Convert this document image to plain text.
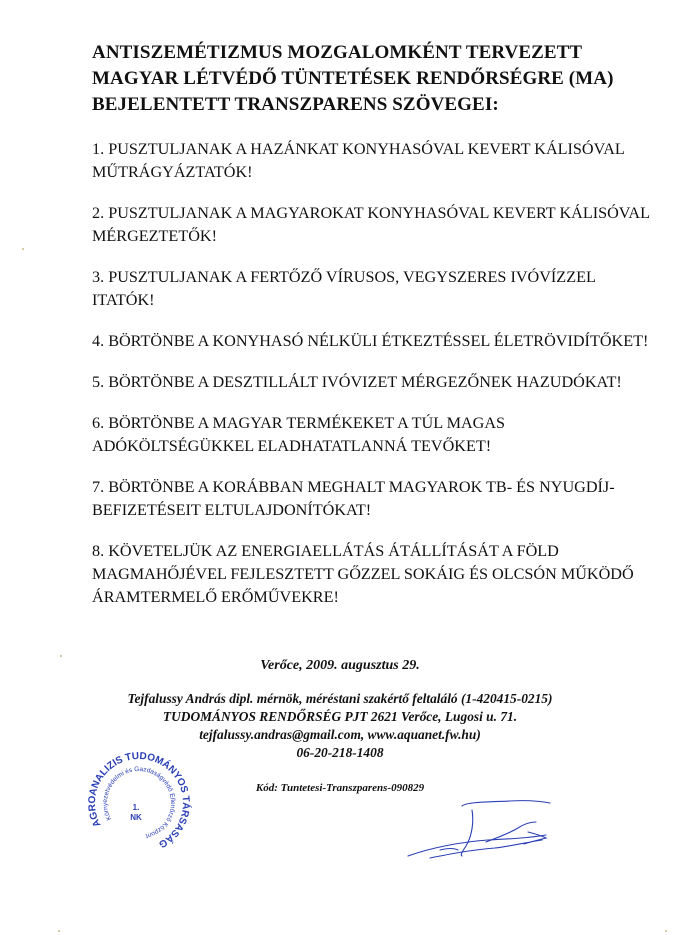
ANTISZEMÉTIZMUS MOZGALOMKÉNT TERVEZETT MAGYAR LÉTVÉDŐ TÜNTETÉSEK RENDŐRSÉGRE (MA) BEJELENTETT TRANSZPARENS SZÖVEGEI:

1. PUSZTULJANAK A HAZÁNKAT KONYHASÓVAL KEVERT KÁLISÓVAL MŰTRÁGYÁZTATÓK!

2. PUSZTULJANAK A MAGYAROKAT KONYHASÓVAL KEVERT KÁLISÓVAL MÉRGEZTETŐK!

3. PUSZTULJANAK A FERTŐZŐ VÍRUSOS, VEGYSZERES IVÓVÍZZEL ITATÓK!

4. BÖRTÖNBE A KONYHASÓ NÉLKÜLI ÉTKEZTÉSSEL ÉLETRÖVIDÍTŐKET!

5. BÖRTÖNBE A DESZTILLÁLT IVÓVIZET MÉRGEZŐNEK HAZUDÓKAT!

6. BÖRTÖNBE A MAGYAR TERMÉKEKET A TÚL MAGAS ADÓKÖLTSÉGÜKKEL ELADHATATLANNÁ TEVŐKET!

7. BÖRTÖNBE A KORÁBBAN MEGHALT MAGYAROK TB- ÉS NYUGDÍJ-BEFIZETÉSEIT ELTULAJDONÍTÓKAT!

8. KÖVETELJÜK AZ ENERGIAELLÁTÁS ÁTÁLLÍTÁSÁT A FÖLD MAGMAHŐJÉVEL FEJLESZTETT GŐZZEL SOKÁIG ÉS OLCSÓN MŰKÖDŐ ÁRAMTERMELŐ ERŐMŰVEKRE!

Verőce, 2009. augusztus 29.
Tejfalussy András dipl. mérnök, méréstani szakértő feltaláló (1-420415-0215)
TUDOMÁNYOS RENDŐRSÉG PJT 2621 Verőce, Lugosi u. 71.
tejfalussy.andras@gmail.com, www.aquanet.fw.hu)
06-20-218-1408
Kód: Tuntetesi-Transzparens-090829
AGROANALIZIS TUDOMÁNYOS TÁRSASÁG
Környezetvédelmi és Gazdaságvédő Ellenőrző Központ
1.
NK
